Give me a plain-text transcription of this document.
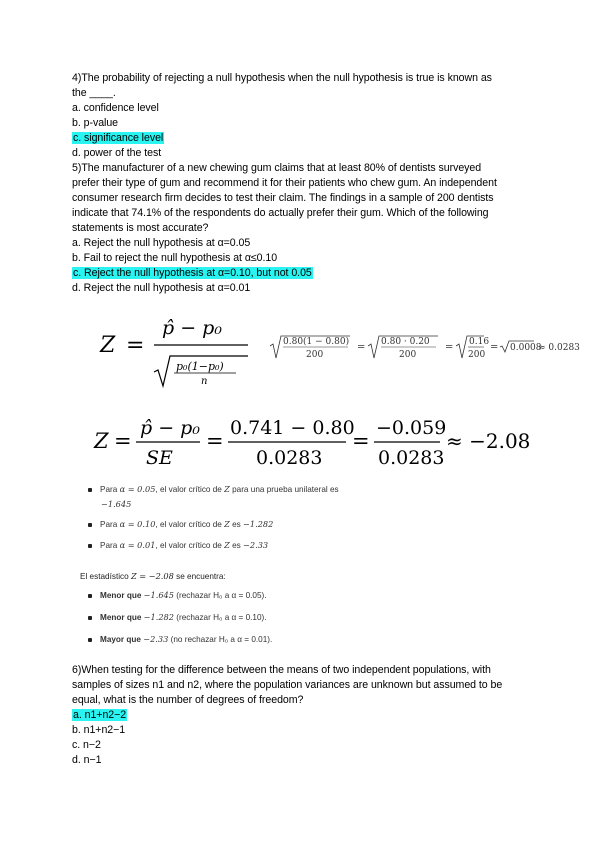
4)The probability of rejecting a null hypothesis when the null hypothesis is true is known as
the ____.
a. confidence level
b. p-value
c. significance level
d. power of the test
5)The manufacturer of a new chewing gum claims that at least 80% of dentists surveyed
prefer their type of gum and recommend it for their patients who chew gum. An independent
consumer research firm decides to test their claim. The findings in a sample of 200 dentists
indicate that 74.1% of the respondents do actually prefer their gum. Which of the following
statements is most accurate?
a. Reject the null hypothesis at α=0.05
b. Fail to reject the null hypothesis at α≤0.10
c. Reject the null hypothesis at α=0.10, but not 0.05
d. Reject the null hypothesis at α=0.01
Z =
p̂ − p₀
p₀(1−p₀)
n
0.80(1 − 0.80)
200
= 0.80 · 0.20
200
= 0.16
200
= 0.0008
≈ 0.0283
Z =
p̂ − p₀
SE
=
0.741 − 0.80
0.0283
=
−0.059
0.0283
≈ −2.08
Para α = 0.05, el valor crítico de Z para una prueba unilateral es
−1.645
Para α = 0.10, el valor crítico de Z es −1.282
Para α = 0.01, el valor crítico de Z es −2.33
El estadístico Z = −2.08 se encuentra:
Menor que −1.645 (rechazar H₀ a α = 0.05).
Menor que −1.282 (rechazar H₀ a α = 0.10).
Mayor que −2.33 (no rechazar H₀ a α = 0.01).
6)When testing for the difference between the means of two independent populations, with
samples of sizes n1 and n2, where the population variances are unknown but assumed to be
equal, what is the number of degrees of freedom?
a. n1+n2−2
b. n1+n2−1
c. n−2
d. n−1
